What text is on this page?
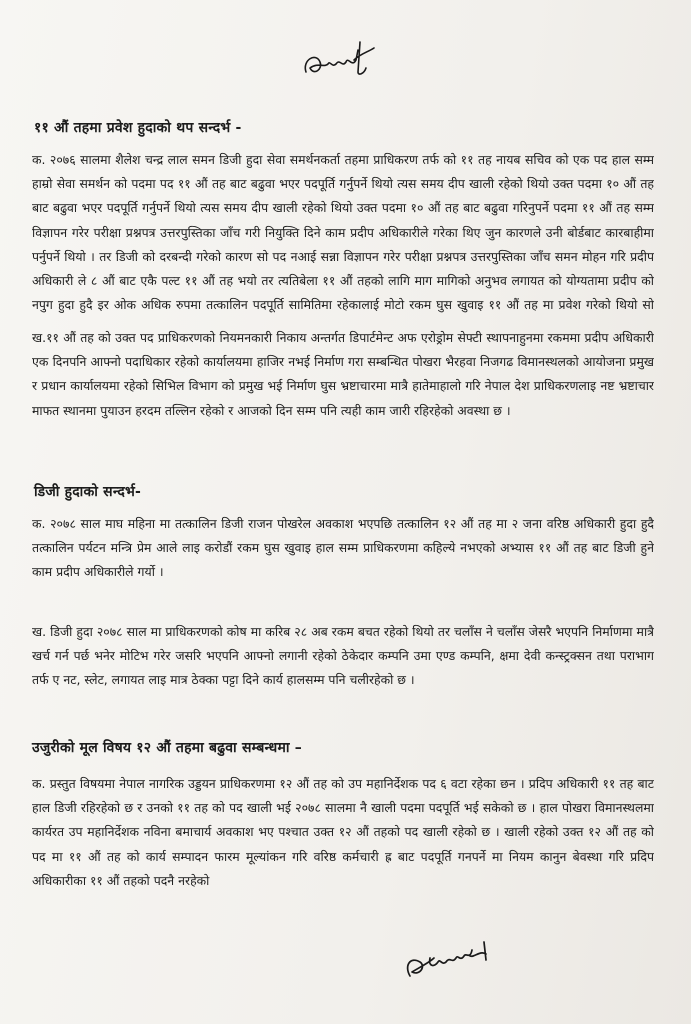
११ औं तहमा प्रवेश हुदाको थप सन्दर्भ -
क. २०७६ सालमा शैलेश चन्द्र लाल समन डिजी हुदा सेवा समर्थनकर्ता तहमा प्राधिकरण तर्फ को ११ तह नायब सचिव को एक पद हाल सम्म हाम्रो सेवा समर्थन को पदमा पद ११ औं तह बाट बढुवा भएर पदपूर्ति गर्नुपर्ने थियो त्यस समय दीप खाली रहेको थियो उक्त पदमा १० औं तह बाट बढुवा भएर पदपूर्ति गर्नुपर्ने थियो त्यस समय दीप खाली रहेको थियो उक्त पदमा १० औं तह बाट बढुवा गरिनुपर्ने पदमा ११ औं तह सम्म विज्ञापन गरेर परीक्षा प्रश्नपत्र उत्तरपुस्तिका जाँच गरी नियुक्ति दिने काम प्रदीप अधिकारीले गरेका थिए जुन कारणले उनी बोर्डबाट कारबाहीमा पर्नुपर्ने थियो । तर डिजी को दरबन्दी गरेको कारण सो पद नआई सन्ना विज्ञापन गरेर परीक्षा प्रश्नपत्र उत्तरपुस्तिका जाँच समन मोहन गरि प्रदीप अधिकारी ले ८ औं बाट एकै पल्ट ११ औं तह भयो तर त्यतिबेला ११ औं तहको लागि माग मागिको अनुभव लगायत को योग्यतामा प्रदीप को नपुग हुदा हुदै इर ओक अधिक रुपमा तत्कालिन पदपूर्ति सामितिमा रहेकालाई मोटो रकम घुस खुवाइ ११ औं तह मा प्रवेश गरेको थियो सो
ख.११ औं तह को उक्त पद प्राधिकरणको नियमनकारी निकाय अन्तर्गत डिपार्टमेन्ट अफ एरोड्रोम सेफ्टी स्थापनाहुनमा रकममा प्रदीप अधिकारी एक दिनपनि आफ्नो पदाधिकार रहेको कार्यालयमा हाजिर नभई निर्माण गरा सम्बन्धित पोखरा भैरहवा निजगढ विमानस्थलको आयोजना प्रमुख र प्रधान कार्यालयमा रहेको सिभिल विभाग को प्रमुख भई निर्माण घुस भ्रष्टाचारमा मात्रै हातेमाहालो गरि नेपाल देश प्राधिकरणलाइ नष्ट भ्रष्टाचार माफत स्थानमा पुयाउन हरदम तल्लिन रहेको र आजको दिन सम्म पनि त्यही काम जारी रहिरहेको अवस्था छ ।
डिजी हुदाको सन्दर्भ-
क. २०७८ साल माघ महिना मा तत्कालिन डिजी राजन पोखरेल अवकाश भएपछि तत्कालिन १२ औं तह मा २ जना वरिष्ठ अधिकारी हुदा हुदै तत्कालिन पर्यटन मन्त्रि प्रेम आले लाइ करोडौं रकम घुस खुवाइ हाल सम्म प्राधिकरणमा कहिल्ये नभएको अभ्यास ११ औं तह बाट डिजी हुने काम प्रदीप अधिकारीले गर्यो ।
ख. डिजी हुदा २०७८ साल मा प्राधिकरणको कोष मा करिब २८ अब रकम बचत रहेको थियो तर चलाँस ने चलाँस जेसरै भएपनि निर्माणमा मात्रै खर्च गर्न पर्छ भनेर मोटिभ गरेर जसरि भएपनि आफ्नो लगानी रहेको ठेकेदार कम्पनि उमा एण्ड कम्पनि, क्षमा देवी कन्स्ट्रक्सन तथा पराभाग तर्फ ए नट, स्लेट, लगायत लाइ मात्र ठेक्का पट्टा दिने कार्य हालसम्म पनि चलीरहेको छ ।
उजुरीको मूल विषय १२ औं तहमा बढुवा सम्बन्धमा –
क. प्रस्तुत विषयमा नेपाल नागरिक उड्डयन प्राधिकरणमा १२ औं तह को उप महानिर्देशक पद ६ वटा रहेका छन । प्रदिप अधिकारी ११ तह बाट हाल डिजी रहिरहेको छ र उनको ११ तह को पद खाली भई २०७८ सालमा नै खाली पदमा पदपूर्ति भई सकेको छ । हाल पोखरा विमानस्थलमा कार्यरत उप महानिर्देशक नविना बमाचार्य अवकाश भए पश्चात उक्त १२ औं तहको पद खाली रहेको छ । खाली रहेको उक्त १२ औं तह को पद मा ११ औं तह को कार्य सम्पादन फारम मूल्यांकन गरि वरिष्ठ कर्मचारी ह्र बाट पदपूर्ति गनपर्ने मा नियम कानुन बेवस्था गरि प्रदिप अधिकारीका ११ औं तहको पदनै नरहेको
